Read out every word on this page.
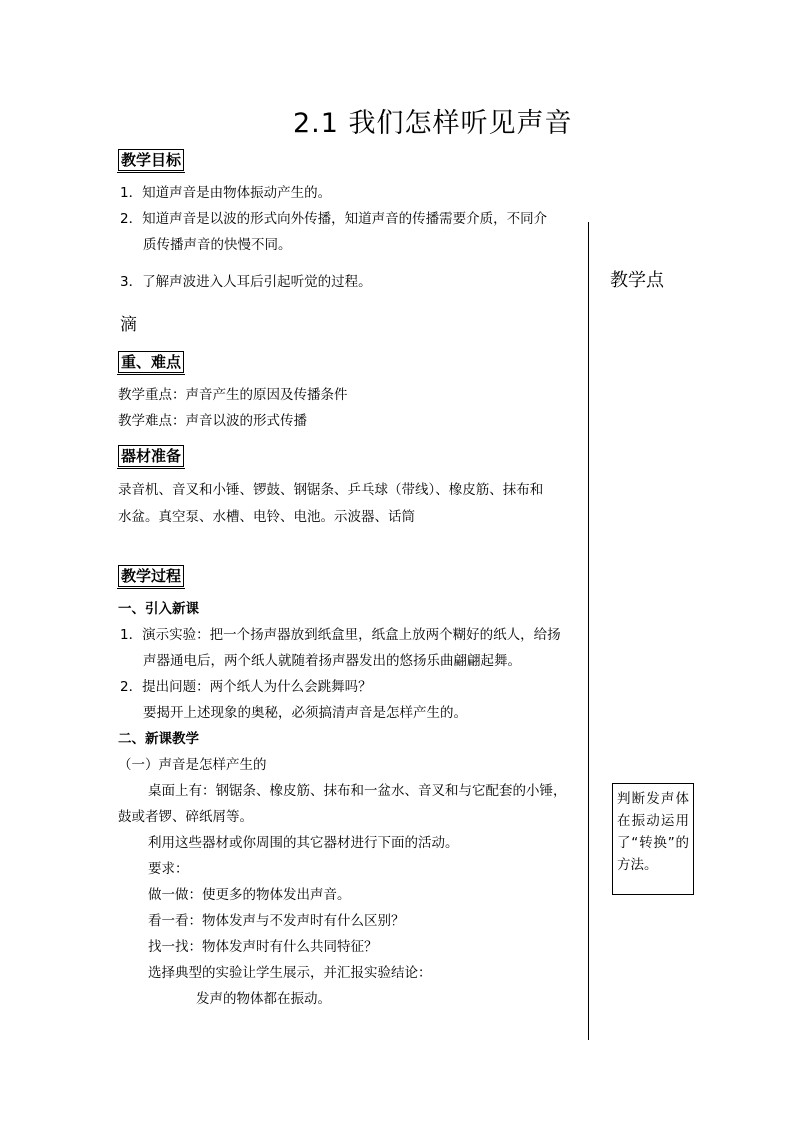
2.1 我们怎样听见声音
教学目标
1．知道声音是由物体振动产生的。
2．知道声音是以波的形式向外传播，知道声音的传播需要介质，不同介
质传播声音的快慢不同。
3．了解声波进入人耳后引起听觉的过程。
滴
重、难点
教学重点：声音产生的原因及传播条件
教学难点：声音以波的形式传播
器材准备
录音机、音叉和小锤、锣鼓、钢锯条、乒乓球（带线）、橡皮筋、抹布和
水盆。真空泵、水槽、电铃、电池。示波器、话筒
教学过程
一、引入新课
1．演示实验：把一个扬声器放到纸盒里，纸盒上放两个糊好的纸人，给扬
声器通电后，两个纸人就随着扬声器发出的悠扬乐曲翩翩起舞。
2．提出问题：两个纸人为什么会跳舞吗？
要揭开上述现象的奥秘，必须搞清声音是怎样产生的。
二、新课教学
（一）声音是怎样产生的
桌面上有：钢锯条、橡皮筋、抹布和一盆水、音叉和与它配套的小锤，
鼓或者锣、碎纸屑等。
利用这些器材或你周围的其它器材进行下面的活动。
要求：
做一做：使更多的物体发出声音。
看一看：物体发声与不发声时有什么区别？
找一找：物体发声时有什么共同特征？
选择典型的实验让学生展示，并汇报实验结论：
发声的物体都在振动。
教学点
判断发声体在振动运用了“转换”的方法。
